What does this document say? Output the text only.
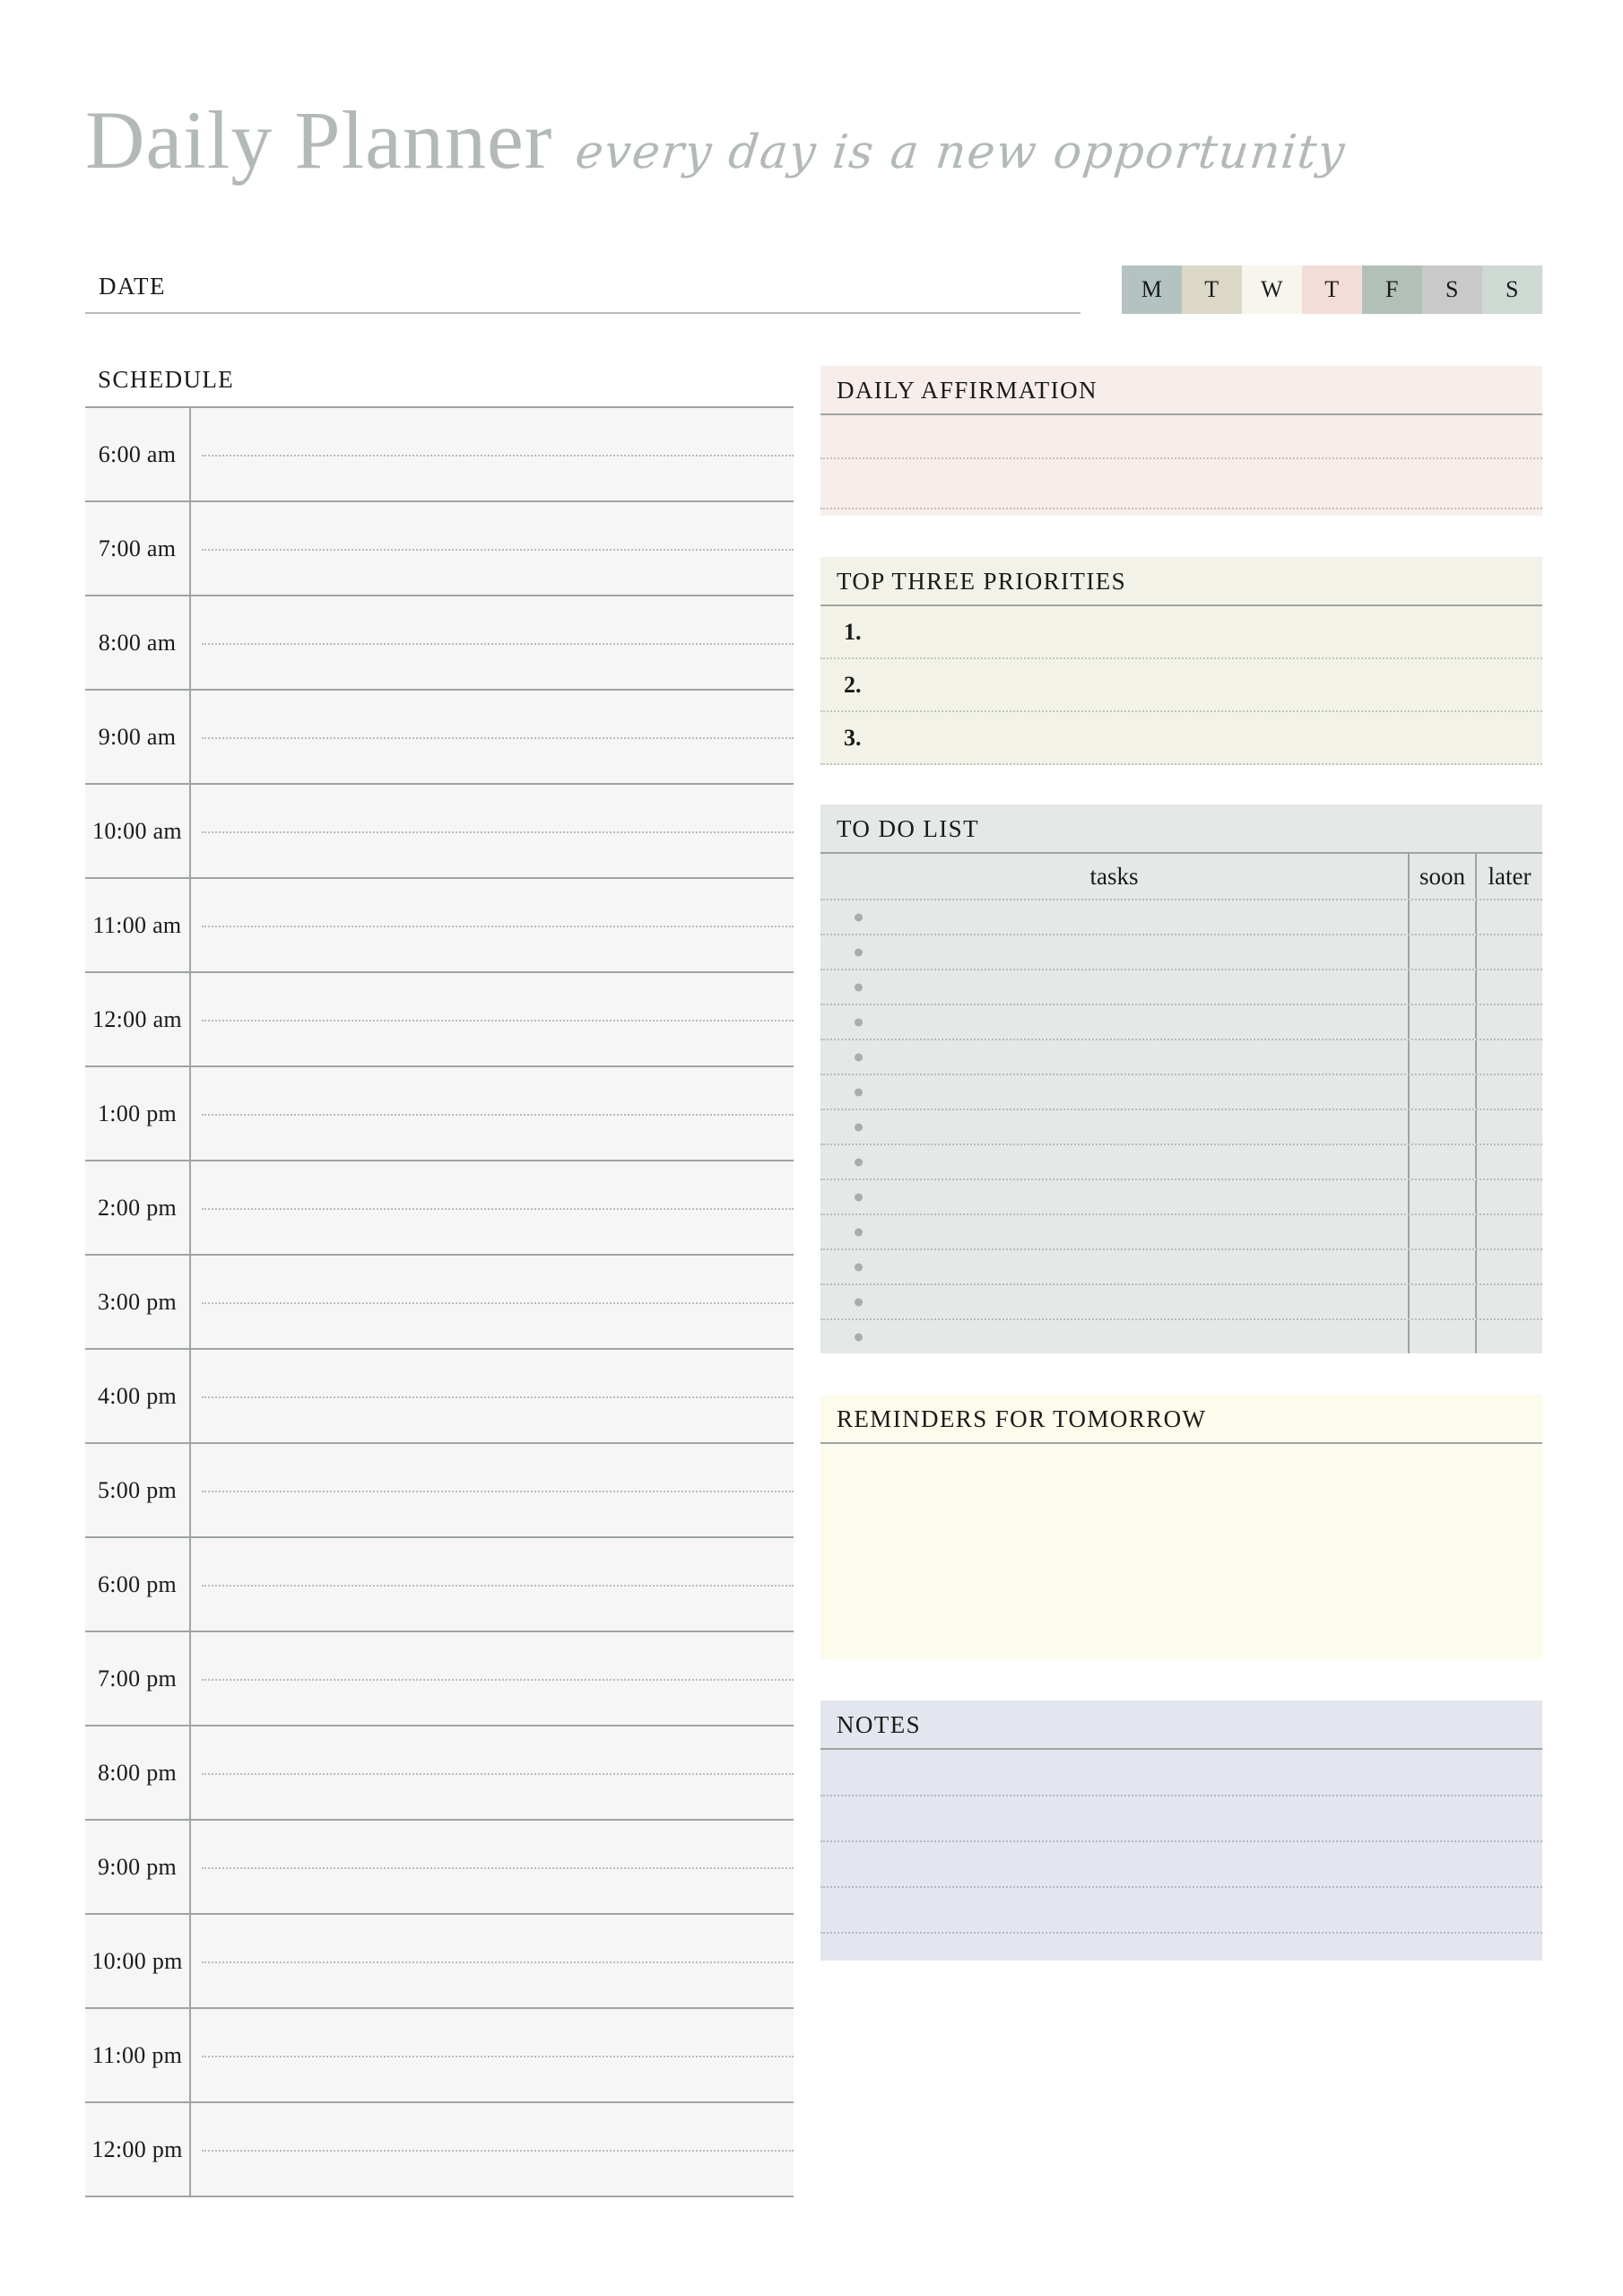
Daily Planner every day is a new opportunity
DATE	M	T	W	T	F	S	S
SCHEDULE
6:00 am
7:00 am
8:00 am
9:00 am
10:00 am
11:00 am
12:00 am
1:00 pm
2:00 pm
3:00 pm
4:00 pm
5:00 pm
6:00 pm
7:00 pm
8:00 pm
9:00 pm
10:00 pm
11:00 pm
12:00 pm
DAILY AFFIRMATION
TOP THREE PRIORITIES
1.
2.
3.
TO DO LIST
tasks	soon later
REMINDERS FOR TOMORROW
NOTES
